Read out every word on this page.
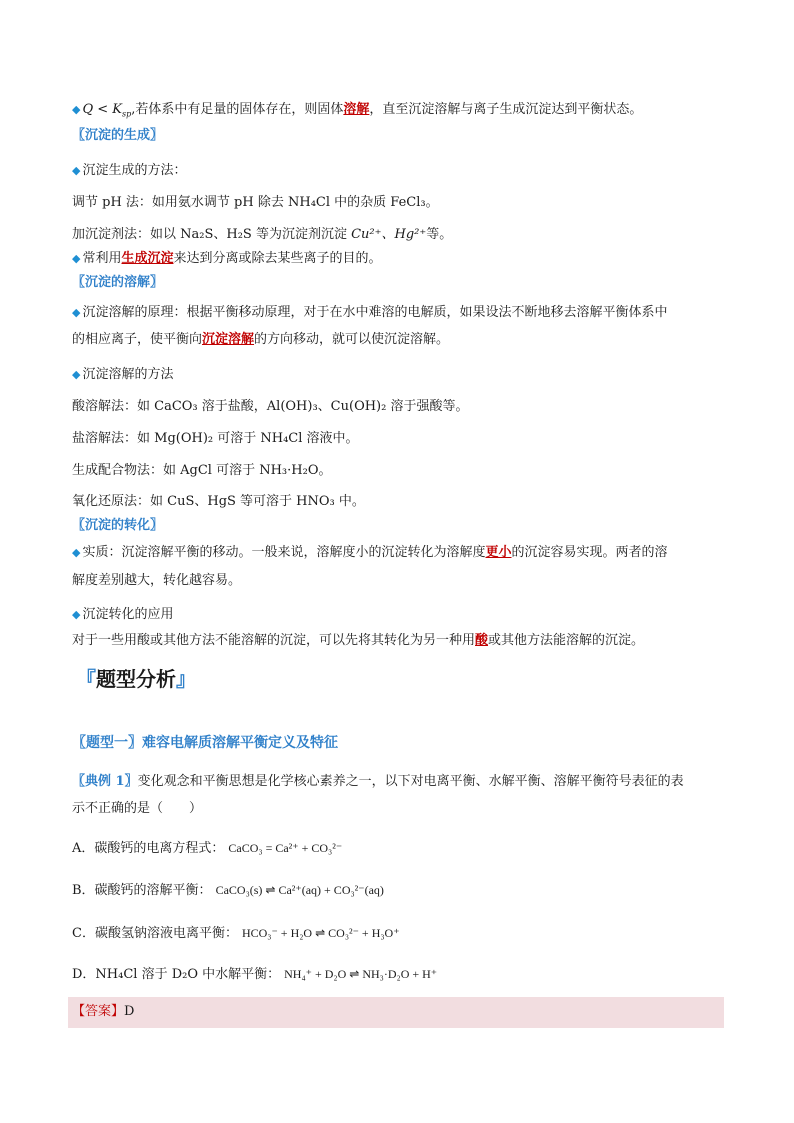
◆ $Q < K_{sp}$,若体系中有足量的固体存在，则固体溶解，直至沉淀溶解与离子生成沉淀达到平衡状态。
〖沉淀的生成〗
◆ 沉淀生成的方法：
调节 pH 法：如用氨水调节 pH 除去 NH₄Cl 中的杂质 FeCl₃。
加沉淀剂法：如以 Na₂S、H₂S 等为沉淀剂沉淀 Cu²⁺、Hg²⁺等。
◆ 常利用生成沉淀来达到分离或除去某些离子的目的。
〖沉淀的溶解〗
◆ 沉淀溶解的原理：根据平衡移动原理，对于在水中难溶的电解质，如果设法不断地移去溶解平衡体系中
的相应离子，使平衡向沉淀溶解的方向移动，就可以使沉淀溶解。
◆ 沉淀溶解的方法
酸溶解法：如 CaCO₃ 溶于盐酸，Al(OH)₃、Cu(OH)₂ 溶于强酸等。
盐溶解法：如 Mg(OH)₂ 可溶于 NH₄Cl 溶液中。
生成配合物法：如 AgCl 可溶于 NH₃·H₂O。
氧化还原法：如 CuS、HgS 等可溶于 HNO₃ 中。
〖沉淀的转化〗
◆ 实质：沉淀溶解平衡的移动。一般来说，溶解度小的沉淀转化为溶解度更小的沉淀容易实现。两者的溶
解度差别越大，转化越容易。
◆ 沉淀转化的应用
对于一些用酸或其他方法不能溶解的沉淀，可以先将其转化为另一种用酸或其他方法能溶解的沉淀。
『题型分析』
〖题型一〗难容电解质溶解平衡定义及特征
〖典例 1〗变化观念和平衡思想是化学核心素养之一，以下对电离平衡、水解平衡、溶解平衡符号表征的表
示不正确的是（　　）
A．碳酸钙的电离方程式： CaCO₃ = Ca²⁺ + CO₃²⁻
B．碳酸钙的溶解平衡： CaCO₃(s) ⇌ Ca²⁺(aq) + CO₃²⁻(aq)
C．碳酸氢钠溶液电离平衡： HCO₃⁻ + H₂O ⇌ CO₃²⁻ + H₃O⁺
D．NH₄Cl 溶于 D₂O 中水解平衡： NH₄⁺ + D₂O ⇌ NH₃·D₂O + H⁺
【答案】D
